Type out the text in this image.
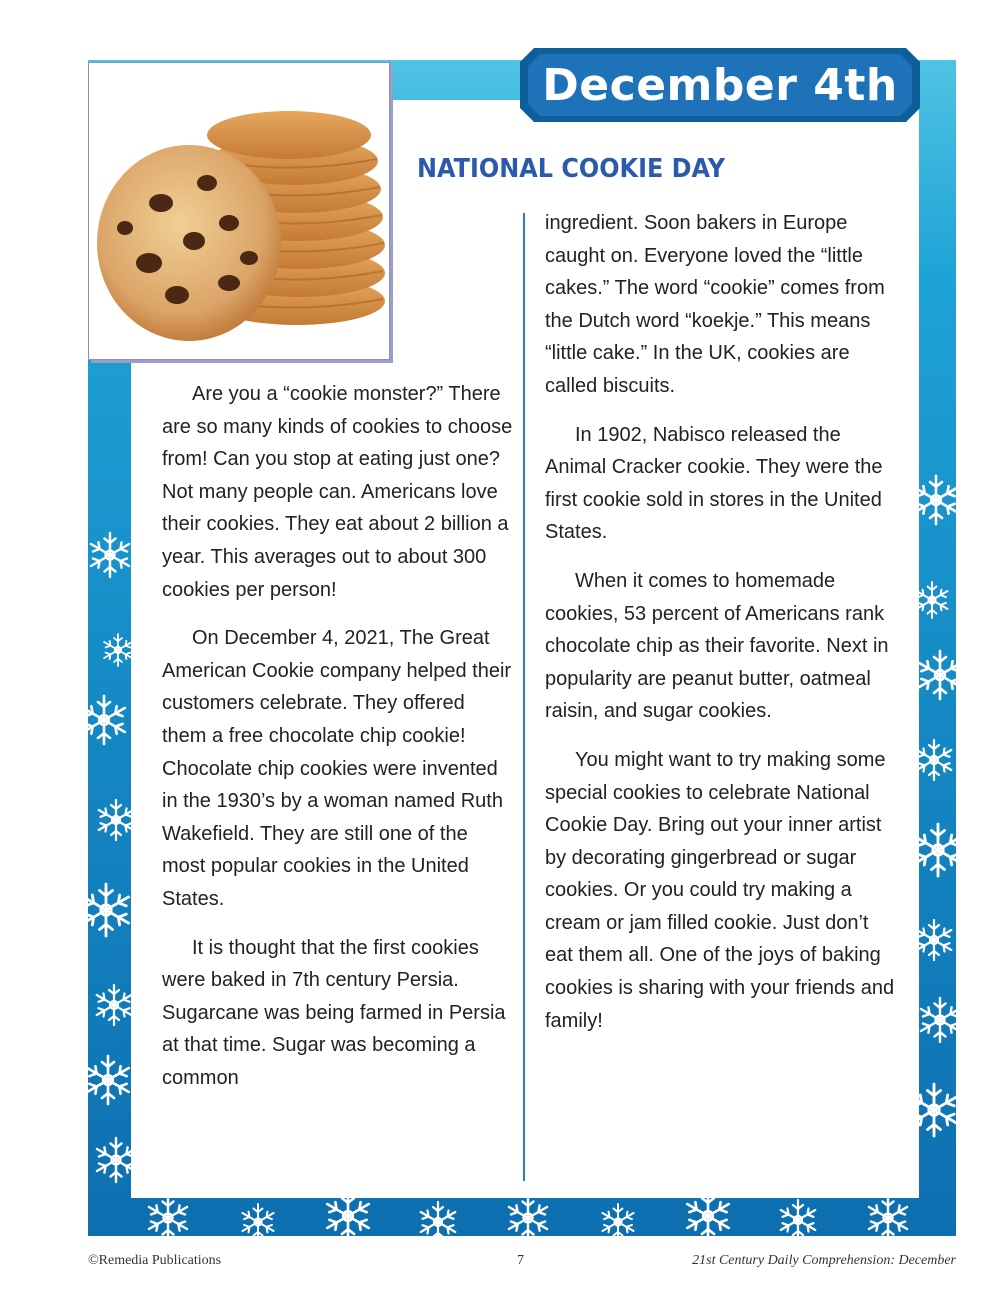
December 4th
NATIONAL COOKIE DAY

Are you a “cookie monster?” There are so many kinds of cookies to choose from! Can you stop at eating just one? Not many people can. Americans love their cookies. They eat about 2 billion a year. This averages out to about 300 cookies per person!

On December 4, 2021, The Great American Cookie company helped their customers celebrate. They offered them a free chocolate chip cookie! Chocolate chip cookies were invented in the 1930’s by a woman named Ruth Wakefield. They are still one of the most popular cookies in the United States.

It is thought that the first cookies were baked in 7th century Persia. Sugarcane was being farmed in Persia at that time. Sugar was becoming a common

ingredient. Soon bakers in Europe caught on. Everyone loved the “little cakes.” The word “cookie” comes from the Dutch word “koekje.” This means “little cake.” In the UK, cookies are called biscuits.

In 1902, Nabisco released the Animal Cracker cookie. They were the first cookie sold in stores in the United States.

When it comes to homemade cookies, 53 percent of Americans rank chocolate chip as their favorite. Next in popularity are peanut butter, oatmeal raisin, and sugar cookies.

You might want to try making some special cookies to celebrate National Cookie Day. Bring out your inner artist by decorating gingerbread or sugar cookies. Or you could try making a cream or jam filled cookie. Just don’t eat them all. One of the joys of baking cookies is sharing with your friends and family!

©Remedia Publications	7	21st Century Daily Comprehension: December
